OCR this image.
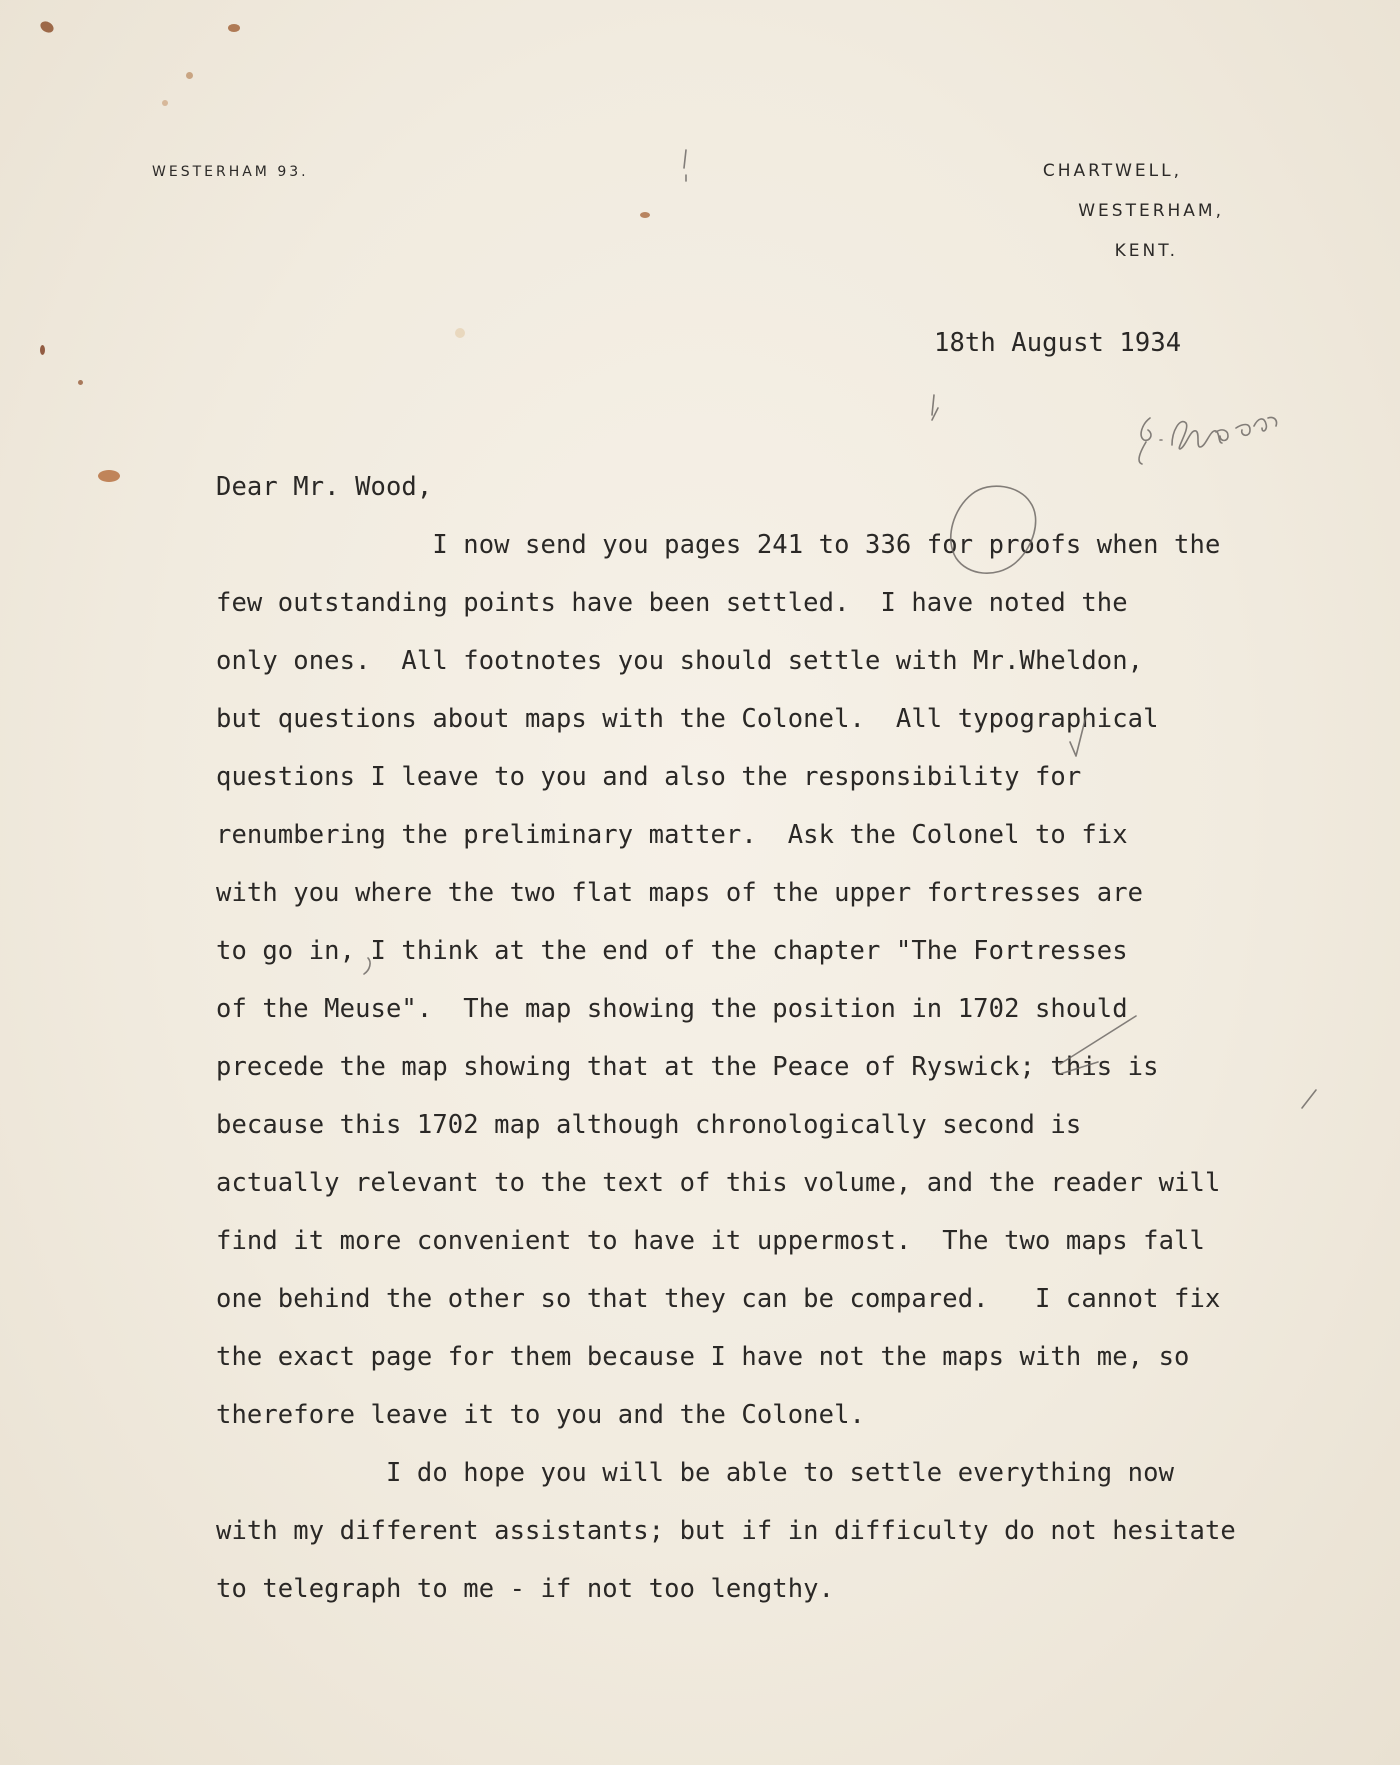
WESTERHAM 93.	CHARTWELL,
WESTERHAM,
KENT.
18th August 1934
Dear Mr. Wood,
I now send you pages 241 to 336 for proofs when the
few outstanding points have been settled.  I have noted the
only ones.  All footnotes you should settle with Mr.Wheldon,
but questions about maps with the Colonel.  All typographical
questions I leave to you and also the responsibility for
renumbering the preliminary matter.  Ask the Colonel to fix
with you where the two flat maps of the upper fortresses are
to go in, I think at the end of the chapter "The Fortresses
of the Meuse".  The map showing the position in 1702 should
precede the map showing that at the Peace of Ryswick; this is
because this 1702 map although chronologically second is
actually relevant to the text of this volume, and the reader will
find it more convenient to have it uppermost.  The two maps fall
one behind the other so that they can be compared.   I cannot fix
the exact page for them because I have not the maps with me, so
therefore leave it to you and the Colonel.
I do hope you will be able to settle everything now
with my different assistants; but if in difficulty do not hesitate
to telegraph to me - if not too lengthy.
